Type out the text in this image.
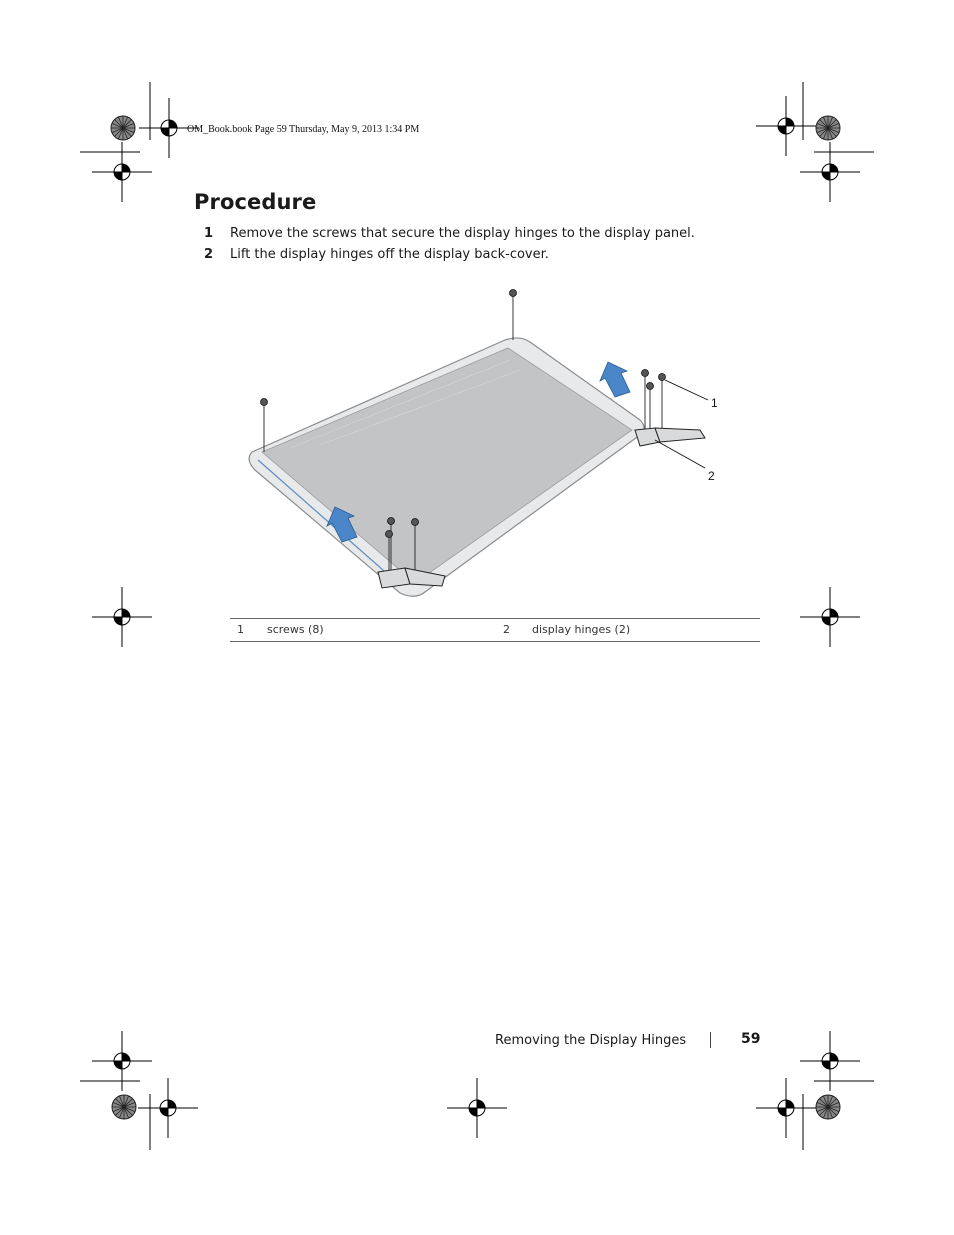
OM_Book.book Page 59 Thursday, May 9, 2013 1:34 PM
Procedure
1 Remove the screws that secure the display hinges to the display panel.
2 Lift the display hinges off the display back-cover.
1
2
1 screws (8)	2 display hinges (2)
Removing the Display Hinges	59
